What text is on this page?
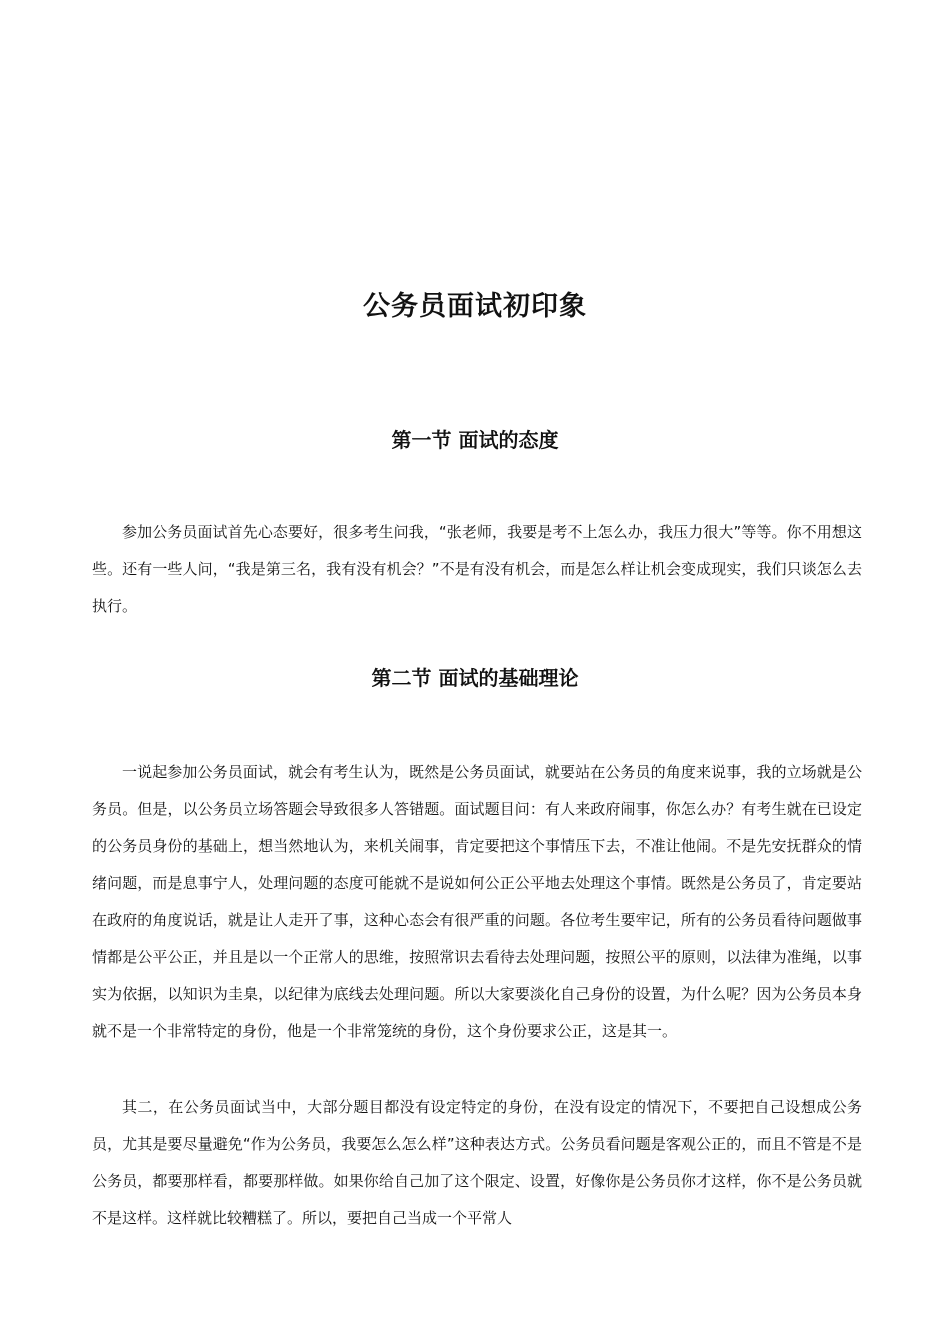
公务员面试初印象
第一节 面试的态度

参加公务员面试首先心态要好，很多考生问我，“张老师，我要是考不上怎么办，我压力很大”等等。你不用想这些。还有一些人问，“我是第三名，我有没有机会？”不是有没有机会，而是怎么样让机会变成现实，我们只谈怎么去执行。

第二节 面试的基础理论

一说起参加公务员面试，就会有考生认为，既然是公务员面试，就要站在公务员的角度来说事，我的立场就是公务员。但是，以公务员立场答题会导致很多人答错题。面试题目问：有人来政府闹事，你怎么办？有考生就在已设定的公务员身份的基础上，想当然地认为，来机关闹事，肯定要把这个事情压下去，不准让他闹。不是先安抚群众的情绪问题，而是息事宁人，处理问题的态度可能就不是说如何公正公平地去处理这个事情。既然是公务员了，肯定要站在政府的角度说话，就是让人走开了事，这种心态会有很严重的问题。各位考生要牢记，所有的公务员看待问题做事情都是公平公正，并且是以一个正常人的思维，按照常识去看待去处理问题，按照公平的原则，以法律为准绳，以事实为依据，以知识为圭臬，以纪律为底线去处理问题。所以大家要淡化自己身份的设置，为什么呢？因为公务员本身就不是一个非常特定的身份，他是一个非常笼统的身份，这个身份要求公正，这是其一。

其二，在公务员面试当中，大部分题目都没有设定特定的身份，在没有设定的情况下，不要把自己设想成公务员，尤其是要尽量避免“作为公务员，我要怎么怎么样”这种表达方式。公务员看问题是客观公正的，而且不管是不是公务员，都要那样看，都要那样做。如果你给自己加了这个限定、设置，好像你是公务员你才这样，你不是公务员就不是这样。这样就比较糟糕了。所以，要把自己当成一个平常人
